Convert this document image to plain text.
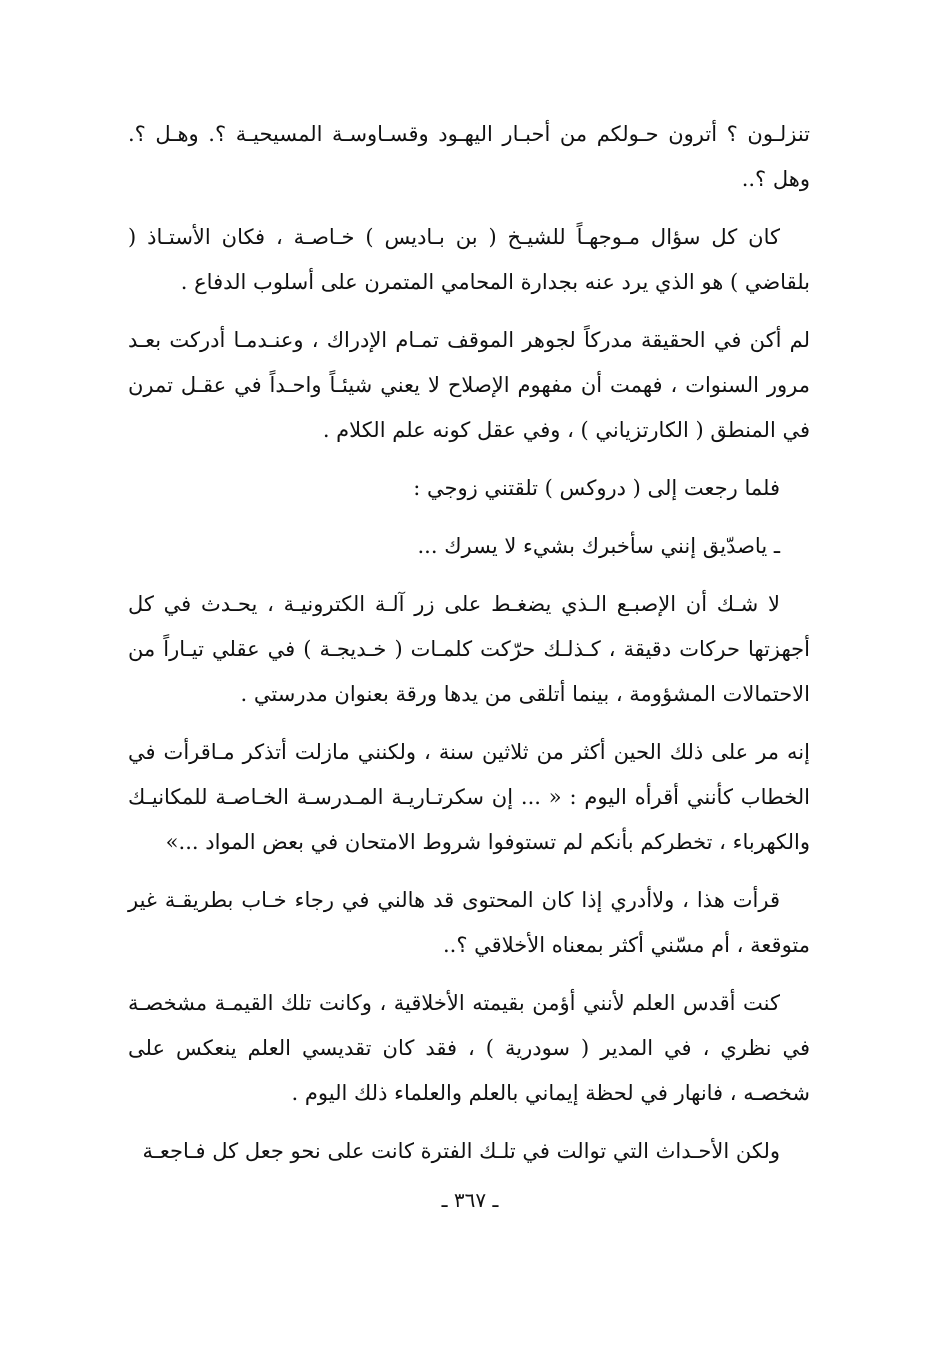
تنزلـون ؟ أترون حـولكم من أحبـار اليهـود وقسـاوسـة المسيحيـة ؟. وهـل ؟. وهل ؟..

كان كل سؤال مـوجهـاً للشيـخ ( بن بـاديس ) خـاصـة ، فكان الأستـاذ ( بلقاضي ) هو الذي يرد عنه بجدارة المحامي المتمرن على أسلوب الدفاع .

لم أكن في الحقيقة مدركاً لجوهر الموقف تمـام الإدراك ، وعنـدمـا أدركت بعـد مرور السنوات ، فهمت أن مفهوم الإصلاح لا يعني شيئـاً واحـداً في عقـل تمرن في المنطق ( الكارتزياني ) ، وفي عقل كونه علم الكلام .

فلما رجعت إلى ( دروكس ) تلقتني زوجي :

ـ ياصدّيق إنني سأخبرك بشيء لا يسرك ...

لا شـك أن الإصبـع الـذي يضغـط على زر آلـة الكترونيـة ، يحـدث في كل أجهزتها حركات دقيقة ، كـذلـك حرّكت كلمـات ( خـديجـة ) في عقلي تيـاراً من الاحتمالات المشؤومة ، بينما أتلقى من يدها ورقة بعنوان مدرستي .

إنه مر على ذلك الحين أكثر من ثلاثين سنة ، ولكنني مازلت أتذكر مـاقرأت في الخطاب كأنني أقرأه اليوم : « ... إن سكرتـاريـة المـدرسـة الخـاصـة للمكانيـك والكهرباء ، تخطركم بأنكم لم تستوفوا شروط الامتحان في بعض المواد ...»

قرأت هذا ، ولاأدري إذا كان المحتوى قد هالني في رجاء خـاب بطريقـة غير متوقعة ، أم مسّني أكثر بمعناه الأخلاقي ؟..

كنت أقدس العلم لأنني أؤمن بقيمته الأخلاقية ، وكانت تلك القيمـة مشخصـة في نظري ، في المدير ( سودرية ) ، فقد كان تقديسي العلم ينعكس على شخصـه ، فانهار في لحظة إيماني بالعلم والعلماء ذلك اليوم .

ولكن الأحـداث التي توالت في تلـك الفترة كانت على نحو جعل كل فـاجعـة

ـ ٣٦٧ ـ
